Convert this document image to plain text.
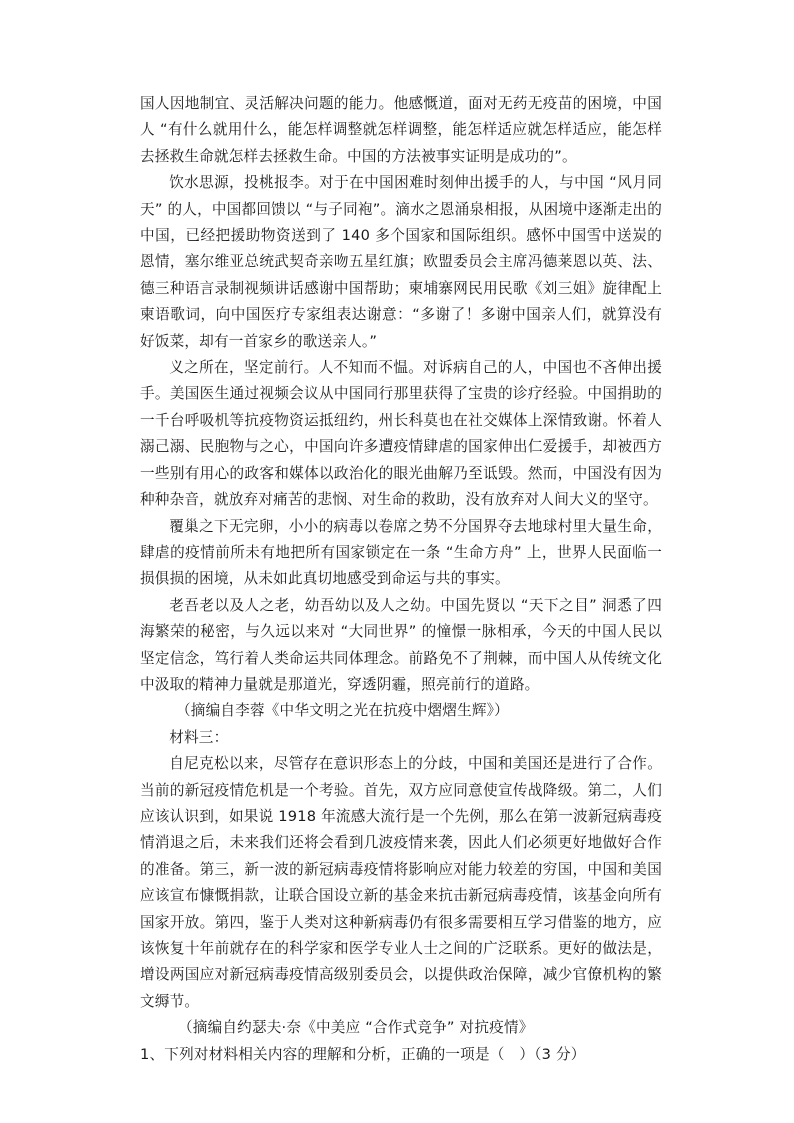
国人因地制宜、灵活解决问题的能力。他感慨道，面对无药无疫苗的困境，中国人 “有什么就用什么，能怎样调整就怎样调整，能怎样适应就怎样适应，能怎样去拯救生命就怎样去拯救生命。中国的方法被事实证明是成功的”。

饮水思源，投桃报李。对于在中国困难时刻伸出援手的人，与中国 “风月同天” 的人，中国都回馈以 “与子同袍”。滴水之恩涌泉相报，从困境中逐渐走出的中国，已经把援助物资送到了 140 多个国家和国际组织。感怀中国雪中送炭的恩情，塞尔维亚总统武契奇亲吻五星红旗；欧盟委员会主席冯德莱恩以英、法、德三种语言录制视频讲话感谢中国帮助；柬埔寨网民用民歌《刘三姐》旋律配上柬语歌词，向中国医疗专家组表达谢意：“多谢了！多谢中国亲人们，就算没有好饭菜，却有一首家乡的歌送亲人。”

义之所在，坚定前行。人不知而不愠。对诉病自己的人，中国也不吝伸出援手。美国医生通过视频会议从中国同行那里获得了宝贵的诊疗经验。中国捐助的一千台呼吸机等抗疫物资运抵纽约，州长科莫也在社交媒体上深情致谢。怀着人溺己溺、民胞物与之心，中国向许多遭疫情肆虐的国家伸出仁爱援手，却被西方一些别有用心的政客和媒体以政治化的眼光曲解乃至诋毁。然而，中国没有因为种种杂音，就放弃对痛苦的悲悯、对生命的救助，没有放弃对人间大义的坚守。

覆巢之下无完卵，小小的病毒以卷席之势不分国界夺去地球村里大量生命，肆虐的疫情前所未有地把所有国家锁定在一条 “生命方舟” 上，世界人民面临一损俱损的困境，从未如此真切地感受到命运与共的事实。

老吾老以及人之老，幼吾幼以及人之幼。中国先贤以 “天下之目” 洞悉了四海繁荣的秘密，与久远以来对 “大同世界” 的憧憬一脉相承，今天的中国人民以坚定信念，笃行着人类命运共同体理念。前路免不了荆棘，而中国人从传统文化中汲取的精神力量就是那道光，穿透阴霾，照亮前行的道路。

（摘编自李蓉《中华文明之光在抗疫中熠熠生辉》）

材料三：

自尼克松以来，尽管存在意识形态上的分歧，中国和美国还是进行了合作。当前的新冠疫情危机是一个考验。首先，双方应同意使宣传战降级。第二，人们应该认识到，如果说 1918 年流感大流行是一个先例，那么在第一波新冠病毒疫情消退之后，未来我们还将会看到几波疫情来袭，因此人们必须更好地做好合作的准备。第三，新一波的新冠病毒疫情将影响应对能力较差的穷国，中国和美国应该宣布慷慨捐款，让联合国设立新的基金来抗击新冠病毒疫情，该基金向所有国家开放。第四，鉴于人类对这种新病毒仍有很多需要相互学习借鉴的地方，应该恢复十年前就存在的科学家和医学专业人士之间的广泛联系。更好的做法是，增设两国应对新冠病毒疫情高级别委员会，以提供政治保障，减少官僚机构的繁文缛节。

（摘编自约瑟夫·奈《中美应 “合作式竞争” 对抗疫情》

1、下列对材料相关内容的理解和分析，正确的一项是（　）（3 分）
